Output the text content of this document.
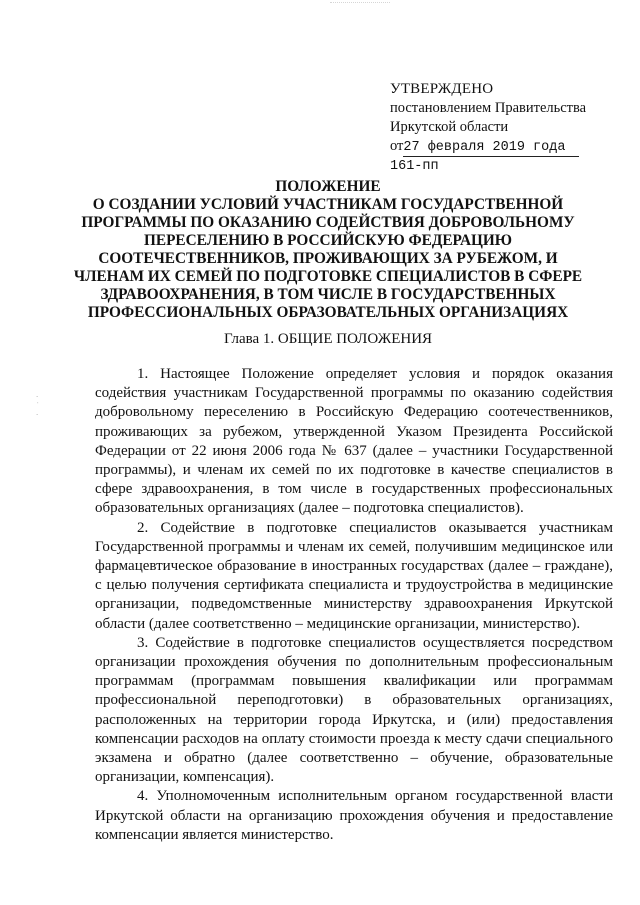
УТВЕРЖДЕНО
постановлением Правительства
Иркутской области
от27 февраля 2019 года
161-пп
ПОЛОЖЕНИЕ
О СОЗДАНИИ УСЛОВИЙ УЧАСТНИКАМ ГОСУДАРСТВЕННОЙ
ПРОГРАММЫ ПО ОКАЗАНИЮ СОДЕЙСТВИЯ ДОБРОВОЛЬНОМУ
ПЕРЕСЕЛЕНИЮ В РОССИЙСКУЮ ФЕДЕРАЦИЮ
СООТЕЧЕСТВЕННИКОВ, ПРОЖИВАЮЩИХ ЗА РУБЕЖОМ, И
ЧЛЕНАМ ИХ СЕМЕЙ ПО ПОДГОТОВКЕ СПЕЦИАЛИСТОВ В СФЕРЕ
ЗДРАВООХРАНЕНИЯ, В ТОМ ЧИСЛЕ В ГОСУДАРСТВЕННЫХ
ПРОФЕССИОНАЛЬНЫХ ОБРАЗОВАТЕЛЬНЫХ ОРГАНИЗАЦИЯХ
Глава 1. ОБЩИЕ ПОЛОЖЕНИЯ
·
˙
·

1. Настоящее Положение определяет условия и порядок оказания содействия участникам Государственной программы по оказанию содействия добровольному переселению в Российскую Федерацию соотечественников, проживающих за рубежом, утвержденной Указом Президента Российской Федерации от 22 июня 2006 года № 637 (далее – участники Государственной программы), и членам их семей по их подготовке в качестве специалистов в сфере здравоохранения, в том числе в государственных профессиональных образовательных организациях (далее – подготовка специалистов).

2. Содействие в подготовке специалистов оказывается участникам Государственной программы и членам их семей, получившим медицинское или фармацевтическое образование в иностранных государствах (далее – граждане), с целью получения сертификата специалиста и трудоустройства в медицинские организации, подведомственные министерству здравоохранения Иркутской области (далее соответственно – медицинские организации, министерство).

3. Содействие в подготовке специалистов осуществляется посредством организации прохождения обучения по дополнительным профессиональным программам (программам повышения квалификации или программам профессиональной переподготовки) в образовательных организациях, расположенных на территории города Иркутска, и (или) предоставления компенсации расходов на оплату стоимости проезда к месту сдачи специального экзамена и обратно (далее соответственно – обучение, образовательные организации, компенсация).

4. Уполномоченным исполнительным органом государственной власти Иркутской области на организацию прохождения обучения и предоставление компенсации является министерство.
